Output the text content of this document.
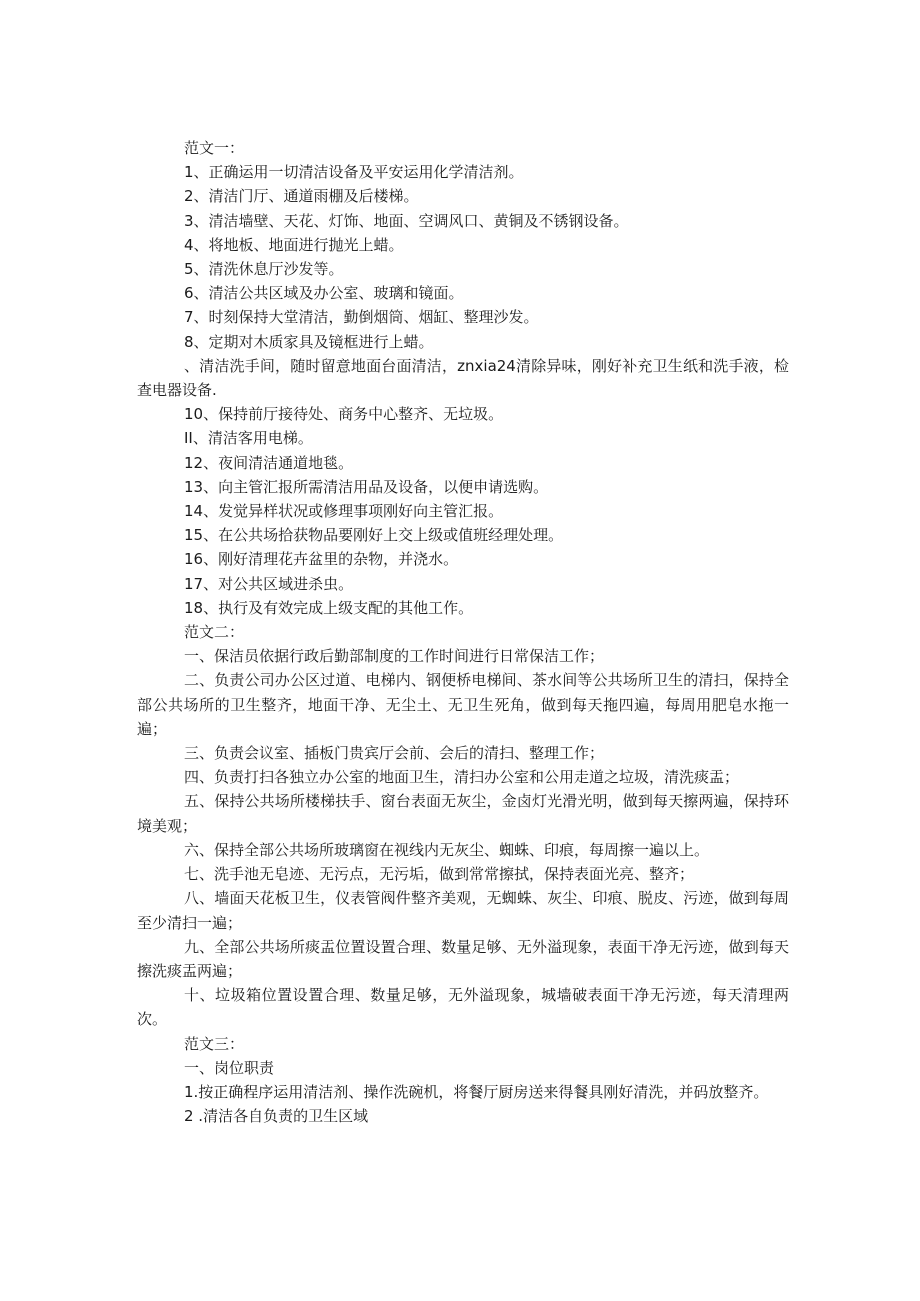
范文一：

1、正确运用一切清洁设备及平安运用化学清洁剂。

2、清洁门厅、通道雨棚及后楼梯。

3、清洁墙壁、天花、灯饰、地面、空调风口、黄铜及不锈钢设备。

4、将地板、地面进行抛光上蜡。

5、清洗休息厅沙发等。

6、清洁公共区域及办公室、玻璃和镜面。

7、时刻保持大堂清洁，勤倒烟筒、烟缸、整理沙发。

8、定期对木质家具及镜框进行上蜡。

、清洁洗手间，随时留意地面台面清洁，znxia24清除异味，刚好补充卫生纸和洗手液，检查电器设备.

10、保持前厅接待处、商务中心整齐、无垃圾。

II、清洁客用电梯。

12、夜间清洁通道地毯。

13、向主管汇报所需清洁用品及设备，以便申请选购。

14、发觉异样状况或修理事项刚好向主管汇报。

15、在公共场拾获物品要刚好上交上级或值班经理处理。

16、刚好清理花卉盆里的杂物，并浇水。

17、对公共区域进杀虫。

18、执行及有效完成上级支配的其他工作。

范文二：

一、保洁员依据行政后勤部制度的工作时间进行日常保洁工作；

二、负责公司办公区过道、电梯内、钢便桥电梯间、茶水间等公共场所卫生的清扫，保持全部公共场所的卫生整齐，地面干净、无尘土、无卫生死角，做到每天拖四遍，每周用肥皂水拖一遍；

三、负责会议室、插板门贵宾厅会前、会后的清扫、整理工作；

四、负责打扫各独立办公室的地面卫生，清扫办公室和公用走道之垃圾，清洗痰盂；

五、保持公共场所楼梯扶手、窗台表面无灰尘，金卤灯光滑光明，做到每天擦两遍，保持环境美观；

六、保持全部公共场所玻璃窗在视线内无灰尘、蜘蛛、印痕，每周擦一遍以上。

七、洗手池无皂迹、无污点，无污垢，做到常常擦拭，保持表面光亮、整齐；

八、墙面天花板卫生，仪表管阀件整齐美观，无蜘蛛、灰尘、印痕、脱皮、污迹，做到每周至少清扫一遍；

九、全部公共场所痰盂位置设置合理、数量足够、无外溢现象，表面干净无污迹，做到每天擦洗痰盂两遍；

十、垃圾箱位置设置合理、数量足够，无外溢现象，城墙破表面干净无污迹，每天清理两次。

范文三：

一、岗位职责

1.按正确程序运用清洁剂、操作洗碗机，将餐厅厨房送来得餐具刚好清洗，并码放整齐。

2 .清洁各自负责的卫生区域
